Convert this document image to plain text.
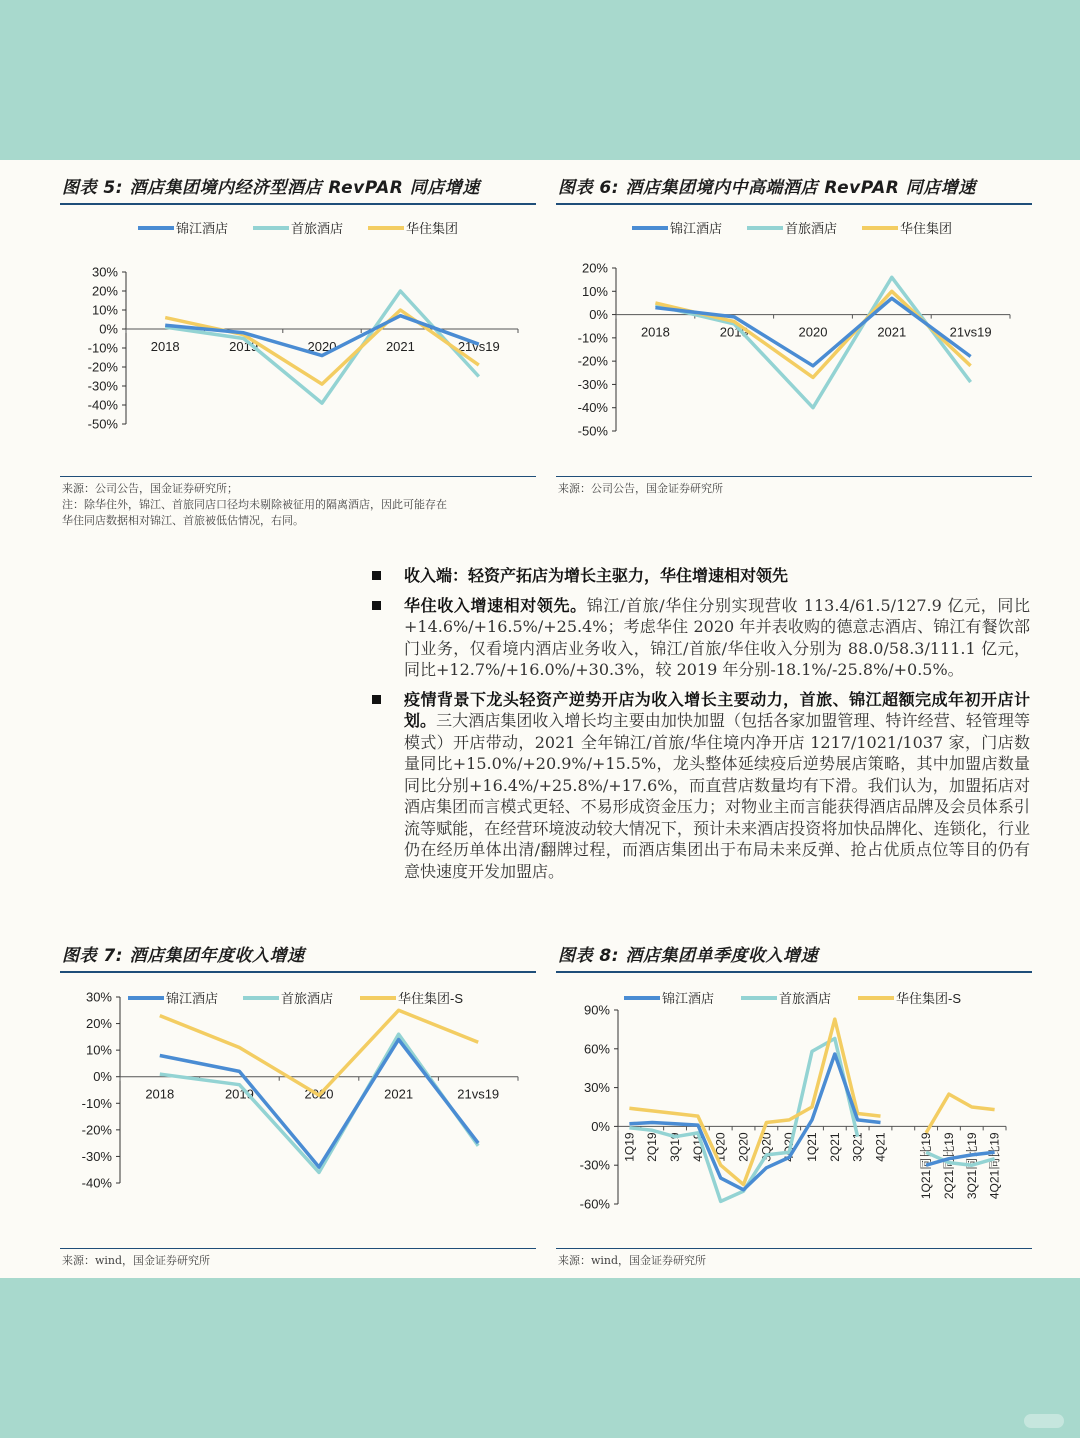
图表 5: 酒店集团境内经济型酒店 RevPAR 同店增速
锦江酒店	首旅酒店	华住集团
30%
20%
10%
0%
-10%
-20%
-30%
-40%
-50%
2018	2019	2020	2021	21vs19
来源：公司公告，国金证券研究所；
注：除华住外，锦江、首旅同店口径均未剔除被征用的隔离酒店，因此可能存在
华住同店数据相对锦江、首旅被低估情况，右同。
图表 6: 酒店集团境内中高端酒店 RevPAR 同店增速
锦江酒店	首旅酒店	华住集团
20%
10%
0%
-10%
-20%
-30%
-40%
-50%
2018	2019	2020	2021	21vs19
来源：公司公告，国金证券研究所
收入端：轻资产拓店为增长主驱力，华住增速相对领先
华住收入增速相对领先。锦江/首旅/华住分别实现营收 113.4/61.5/127.9 亿元，同比+14.6%/+16.5%/+25.4%；考虑华住 2020 年并表收购的德意志酒店、锦江有餐饮部门业务，仅看境内酒店业务收入，锦江/首旅/华住收入分别为 88.0/58.3/111.1 亿元，同比+12.7%/+16.0%/+30.3%，较 2019 年分别-18.1%/-25.8%/+0.5%。
疫情背景下龙头轻资产逆势开店为收入增长主要动力，首旅、锦江超额完成年初开店计划。三大酒店集团收入增长均主要由加快加盟（包括各家加盟管理、特许经营、轻管理等模式）开店带动，2021 全年锦江/首旅/华住境内净开店 1217/1021/1037 家，门店数量同比+15.0%/+20.9%/+15.5%，龙头整体延续疫后逆势展店策略，其中加盟店数量同比分别+16.4%/+25.8%/+17.6%，而直营店数量均有下滑。我们认为，加盟拓店对酒店集团而言模式更轻、不易形成资金压力；对物业主而言能获得酒店品牌及会员体系引流等赋能，在经营环境波动较大情况下，预计未来酒店投资将加快品牌化、连锁化，行业仍在经历单体出清/翻牌过程，而酒店集团出于布局未来反弹、抢占优质点位等目的仍有意快速度开发加盟店。
图表 7: 酒店集团年度收入增速
锦江酒店	首旅酒店	华住集团-S
30%
20%
10%
0%
-10%
-20%
-30%
-40%
2018	2019	2020	2021	21vs19
来源：wind，国金证券研究所
图表 8: 酒店集团单季度收入增速
锦江酒店	首旅酒店	华住集团-S
90%
60%
30%
0%
-30%
-60%
1Q19 2Q19 3Q19 4Q19 1Q20 2Q20 3Q20 4Q20 1Q21 2Q21 3Q21 4Q21	1Q21同比19 2Q21同比19 3Q21同比19 4Q21同比19
来源：wind，国金证券研究所
